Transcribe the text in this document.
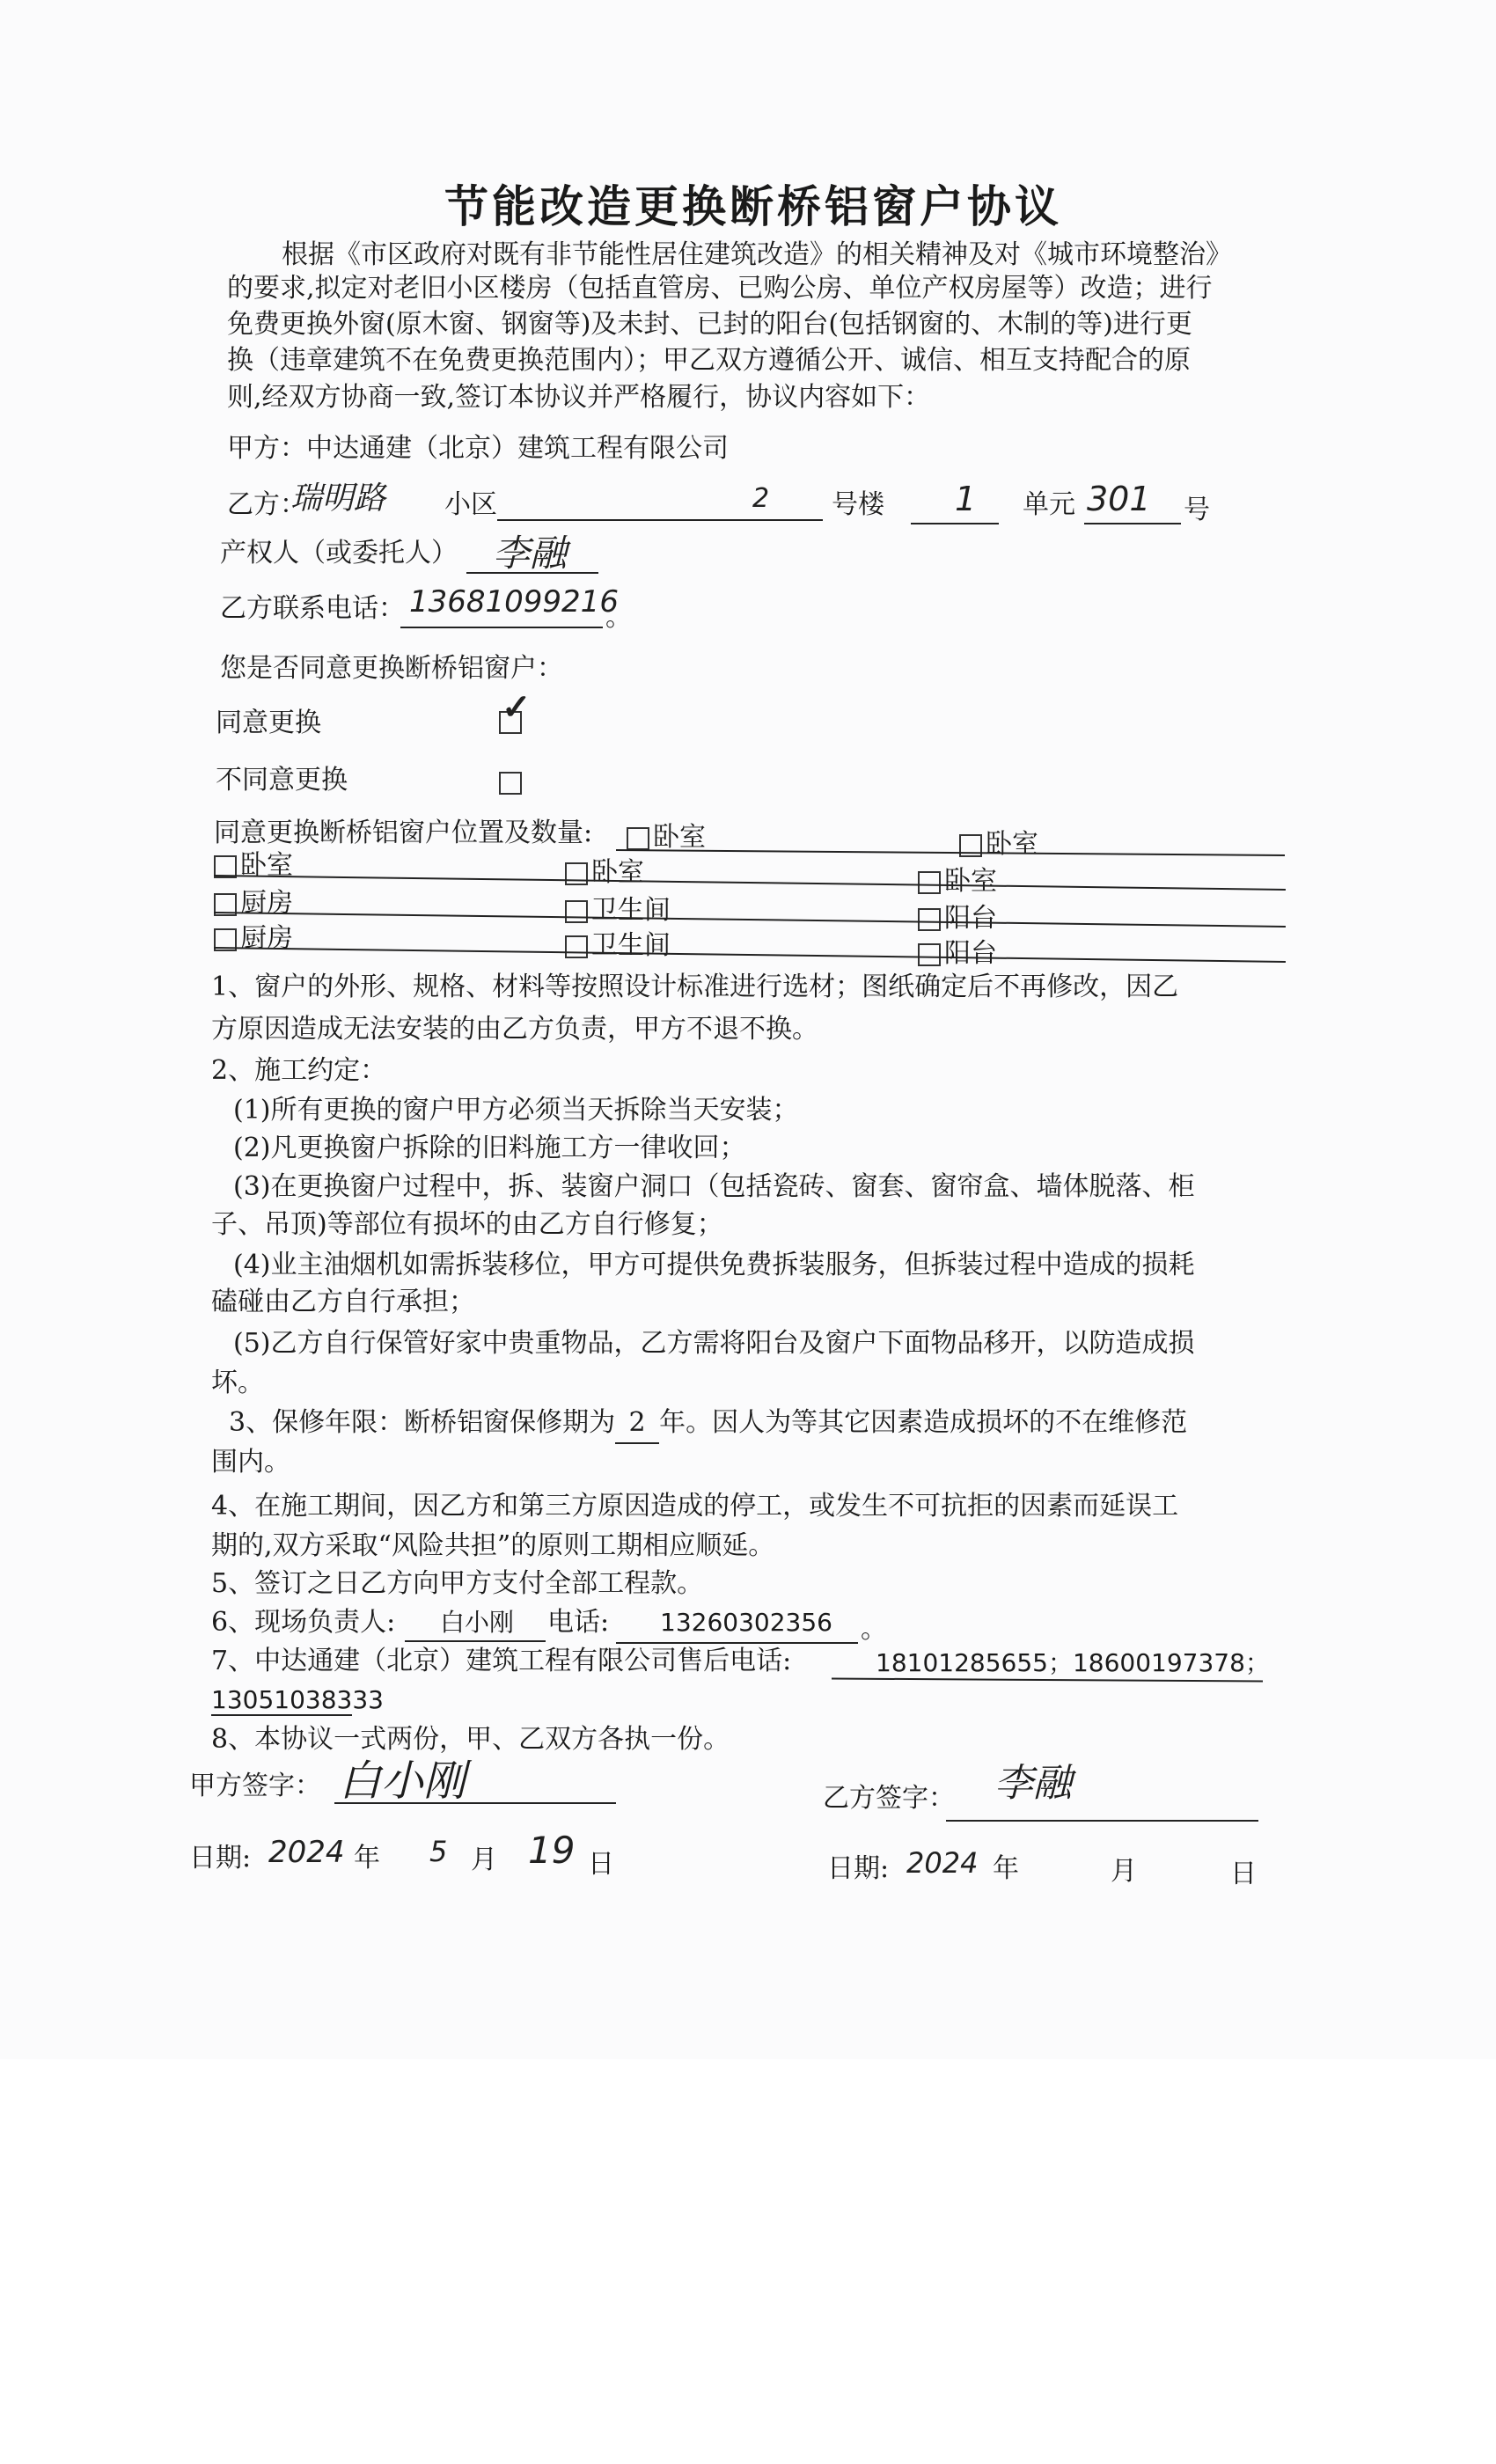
节能改造更换断桥铝窗户协议
根据《市区政府对既有非节能性居住建筑改造》的相关精神及对《城市环境整治》
的要求,拟定对老旧小区楼房（包括直管房、已购公房、单位产权房屋等）改造；进行
免费更换外窗(原木窗、钢窗等)及未封、已封的阳台(包括钢窗的、木制的等)进行更
换（违章建筑不在免费更换范围内）；甲乙双方遵循公开、诚信、相互支持配合的原
则,经双方协商一致,签订本协议并严格履行，协议内容如下：
甲方：中达通建（北京）建筑工程有限公司
乙方：
瑞明路 小区	2 号楼 1 单元 301 号
产权人（或委托人） 李融
乙方联系电话： 13681099216
。
您是否同意更换断桥铝窗户：
同意更换	✓
不同意更换
同意更换断桥铝窗户位置及数量:	卧室	卧室
卧室	卧室	卧室
厨房	卫生间	阳台
厨房	卫生间	阳台
1、窗户的外形、规格、材料等按照设计标准进行选材；图纸确定后不再修改，因乙
方原因造成无法安装的由乙方负责，甲方不退不换。
2、施工约定：
(1)所有更换的窗户甲方必须当天拆除当天安装；
(2)凡更换窗户拆除的旧料施工方一律收回；
(3)在更换窗户过程中，拆、装窗户洞口（包括瓷砖、窗套、窗帘盒、墙体脱落、柜
子、吊顶)等部位有损坏的由乙方自行修复；
(4)业主油烟机如需拆装移位，甲方可提供免费拆装服务，但拆装过程中造成的损耗
磕碰由乙方自行承担；
(5)乙方自行保管好家中贵重物品，乙方需将阳台及窗户下面物品移开，以防造成损
坏。
3、保修年限：断桥铝窗保修期为 2 年。因人为等其它因素造成损坏的不在维修范
围内。
4、在施工期间，因乙方和第三方原因造成的停工，或发生不可抗拒的因素而延误工
期的,双方采取“风险共担”的原则工期相应顺延。
5、签订之日乙方向甲方支付全部工程款。
6、现场负责人: 白小刚 电话: 13260302356 。
7、中达通建（北京）建筑工程有限公司售后电话:	18101285655；18600197378；
13051038333
8、本协议一式两份，甲、乙双方各执一份。
甲方签字： 白小刚	乙方签字： 李融
日期: 2024 年 5 月 19 日	日期: 2024 年	月	日
